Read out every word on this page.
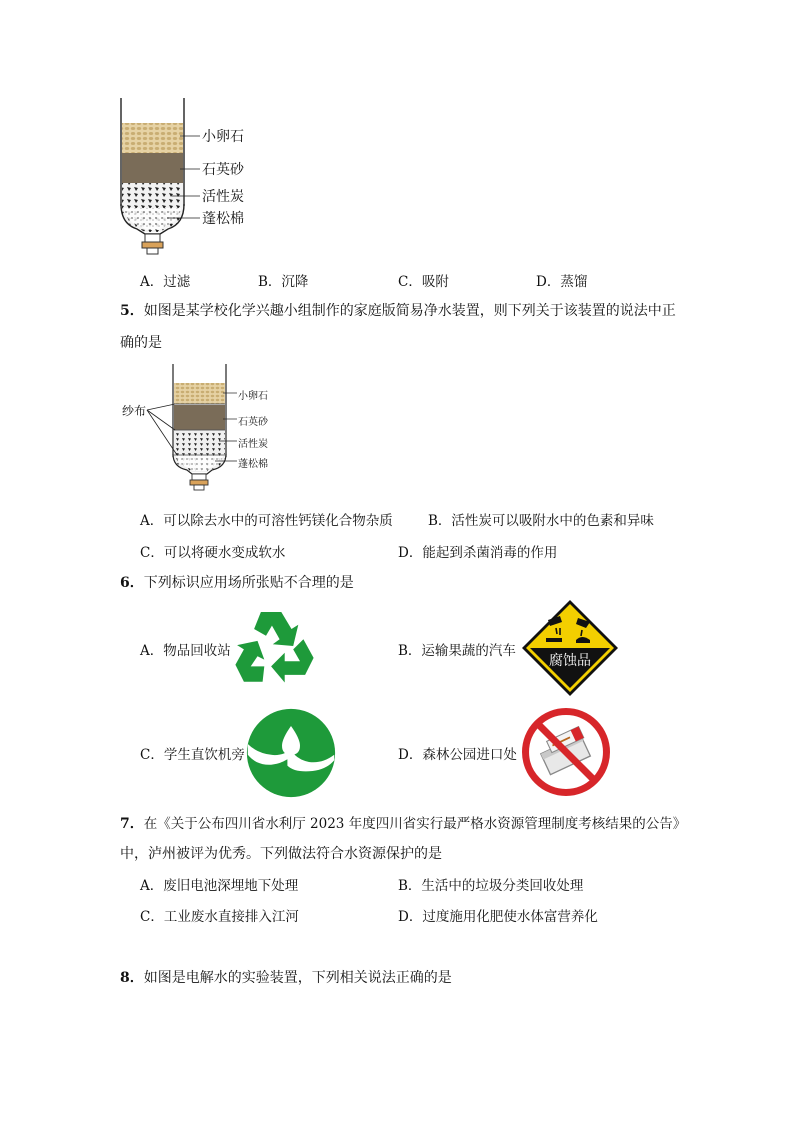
小卵石
石英砂
活性炭
蓬松棉
A．过滤	B．沉降	C．吸附	D．蒸馏
5．如图是某学校化学兴趣小组制作的家庭版简易净水装置，则下列关于该装置的说法中正
确的是
纱布
小卵石
石英砂
活性炭
蓬松棉
A．可以除去水中的可溶性钙镁化合物杂质	B．活性炭可以吸附水中的色素和异味
C．可以将硬水变成软水	D．能起到杀菌消毒的作用
6．下列标识应用场所张贴不合理的是
A．物品回收站	B．运输果蔬的汽车
腐蚀品
C．学生直饮机旁	D．森林公园进口处
7．在《关于公布四川省水利厅 2023 年度四川省实行最严格水资源管理制度考核结果的公告》
中，泸州被评为优秀。下列做法符合水资源保护的是
A．废旧电池深埋地下处理	B．生活中的垃圾分类回收处理
C．工业废水直接排入江河	D．过度施用化肥使水体富营养化
8．如图是电解水的实验装置，下列相关说法正确的是
